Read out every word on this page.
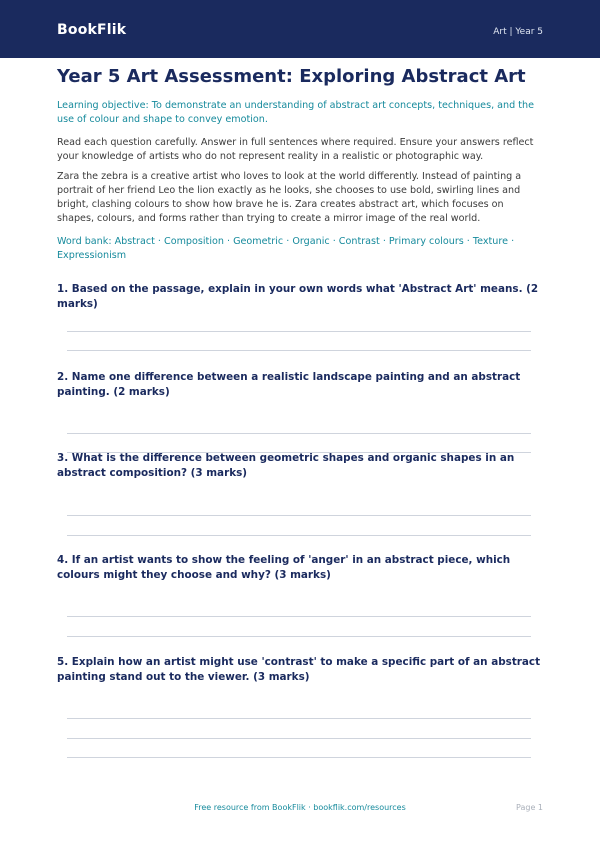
BookFlik	Art | Year 5
Year 5 Art Assessment: Exploring Abstract Art

Learning objective: To demonstrate an understanding of abstract art concepts, techniques, and the use of colour and shape to convey emotion.

Read each question carefully. Answer in full sentences where required. Ensure your answers reflect your knowledge of artists who do not represent reality in a realistic or photographic way.

Zara the zebra is a creative artist who loves to look at the world differently. Instead of painting a portrait of her friend Leo the lion exactly as he looks, she chooses to use bold, swirling lines and bright, clashing colours to show how brave he is. Zara creates abstract art, which focuses on shapes, colours, and forms rather than trying to create a mirror image of the real world.

Word bank: Abstract · Composition · Geometric · Organic · Contrast · Primary colours · Texture · Expressionism

1. Based on the passage, explain in your own words what 'Abstract Art' means. (2 marks)
2. Name one difference between a realistic landscape painting and an abstract painting. (2 marks)
3. What is the difference between geometric shapes and organic shapes in an abstract composition? (3 marks)
4. If an artist wants to show the feeling of 'anger' in an abstract piece, which colours might they choose and why? (3 marks)
5. Explain how an artist might use 'contrast' to make a specific part of an abstract painting stand out to the viewer. (3 marks)
Free resource from BookFlik · bookflik.com/resources	Page 1
